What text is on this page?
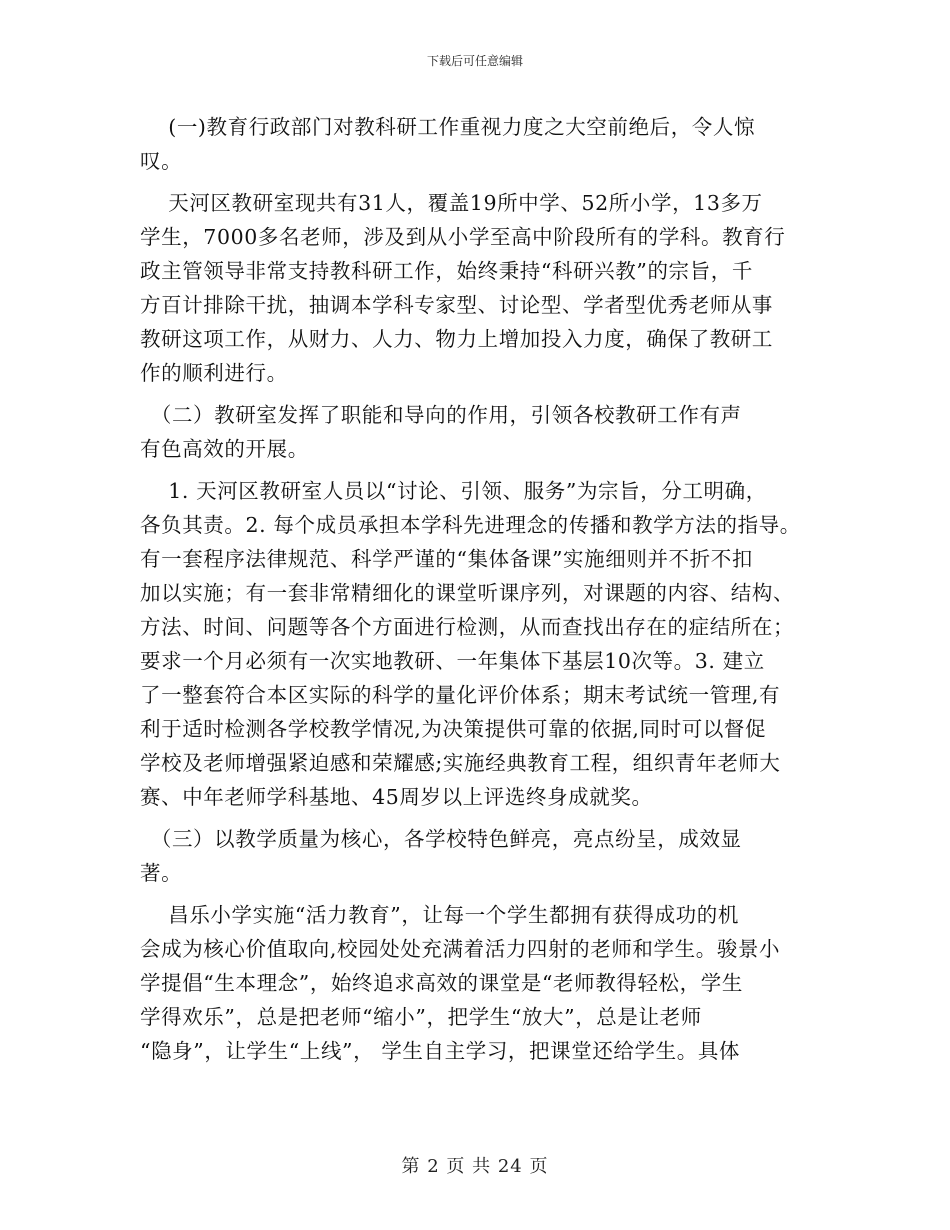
下载后可任意编辑
　 (一)教育行政部门对教科研工作重视力度之大空前绝后，令人惊
叹。
　 天河区教研室现共有31人，覆盖19所中学、52所小学，13多万
学生，7000多名老师，涉及到从小学至高中阶段所有的学科。教育行
政主管领导非常支持教科研工作，始终秉持“科研兴教”的宗旨，千
方百计排除干扰，抽调本学科专家型、讨论型、学者型优秀老师从事
教研这项工作，从财力、人力、物力上增加投入力度，确保了教研工
作的顺利进行。
　（二）教研室发挥了职能和导向的作用，引领各校教研工作有声
有色高效的开展。
　 1. 天河区教研室人员以“讨论、引领、服务”为宗旨，分工明确，
各负其责。2. 每个成员承担本学科先进理念的传播和教学方法的指导。
有一套程序法律规范、科学严谨的“集体备课”实施细则并不折不扣
加以实施；有一套非常精细化的课堂听课序列，对课题的内容、结构、
方法、时间、问题等各个方面进行检测，从而查找出存在的症结所在；
要求一个月必须有一次实地教研、一年集体下基层10次等。3. 建立
了一整套符合本区实际的科学的量化评价体系；期末考试统一管理,有
利于适时检测各学校教学情况,为决策提供可靠的依据,同时可以督促
学校及老师增强紧迫感和荣耀感;实施经典教育工程，组织青年老师大
赛、中年老师学科基地、45周岁以上评选终身成就奖。
　（三）以教学质量为核心，各学校特色鲜亮，亮点纷呈，成效显
著。
　 昌乐小学实施“活力教育”，让每一个学生都拥有获得成功的机
会成为核心价值取向,校园处处充满着活力四射的老师和学生。骏景小
学提倡“生本理念”，始终追求高效的课堂是“老师教得轻松，学生
学得欢乐”，总是把老师“缩小”，把学生“放大”，总是让老师
“隐身”，让学生“上线”， 学生自主学习，把课堂还给学生。具体
第 2 页 共 24 页
